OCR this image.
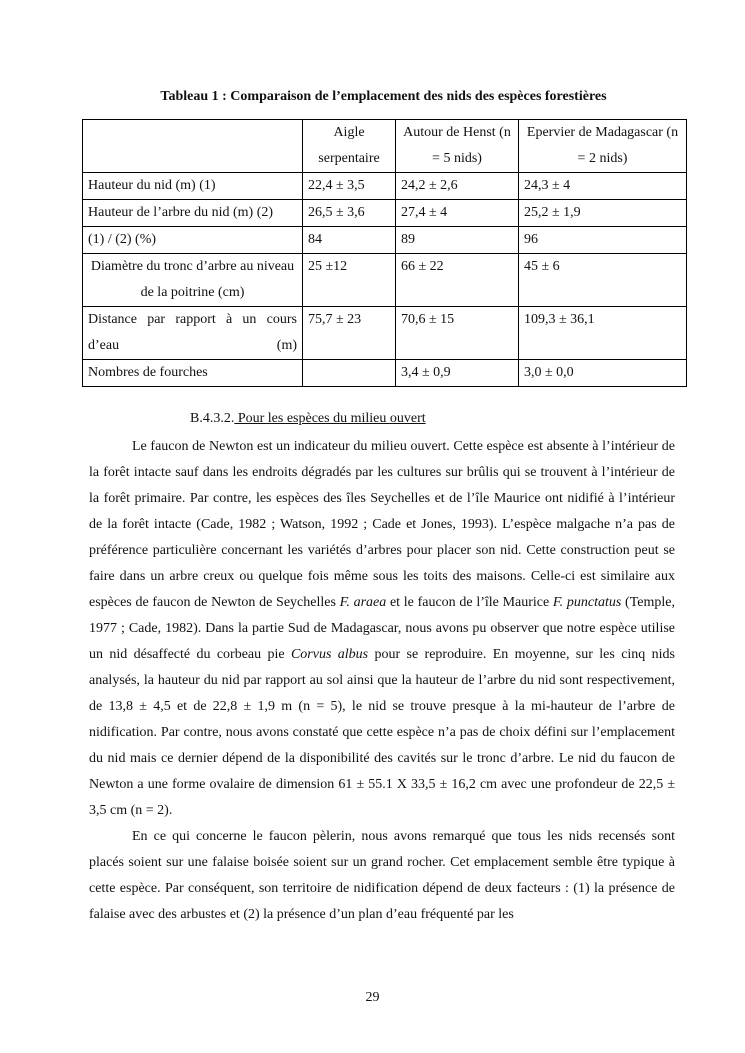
Tableau 1 : Comparaison de l’emplacement des nids des espèces forestières
	Aigle serpentaire	Autour de Henst (n = 5 nids)	Epervier de Madagascar (n = 2 nids)
Hauteur du nid (m) (1)	22,4 ± 3,5	24,2 ± 2,6	24,3 ± 4
Hauteur de l’arbre du nid (m) (2)	26,5 ± 3,6	27,4 ± 4	25,2 ± 1,9
(1) / (2) (%)	84	89	96
Diamètre du tronc d’arbre au niveau de la poitrine (cm)	25 ±12	66 ± 22	45 ± 6
Distance par rapport à un cours d’eau (m)	75,7 ± 23	70,6 ± 15	109,3 ± 36,1
Nombres de fourches		3,4 ± 0,9	3,0 ± 0,0
B.4.3.2. Pour les espèces du milieu ouvert

Le faucon de Newton est un indicateur du milieu ouvert. Cette espèce est absente à l’intérieur de la forêt intacte sauf dans les endroits dégradés par les cultures sur brûlis qui se trouvent à l’intérieur de la forêt primaire. Par contre, les espèces des îles Seychelles et de l’île Maurice ont nidifié à l’intérieur de la forêt intacte (Cade, 1982 ; Watson, 1992 ; Cade et Jones, 1993). L’espèce malgache n’a pas de préférence particulière concernant les variétés d’arbres pour placer son nid. Cette construction peut se faire dans un arbre creux ou quelque fois même sous les toits des maisons. Celle-ci est similaire aux espèces de faucon de Newton de Seychelles F. araea et le faucon de l’île Maurice F. punctatus (Temple, 1977 ; Cade, 1982). Dans la partie Sud de Madagascar, nous avons pu observer que notre espèce utilise un nid désaffecté du corbeau pie Corvus albus pour se reproduire. En moyenne, sur les cinq nids analysés, la hauteur du nid par rapport au sol ainsi que la hauteur de l’arbre du nid sont respectivement, de 13,8 ± 4,5 et de 22,8 ± 1,9 m (n = 5), le nid se trouve presque à la mi-hauteur de l’arbre de nidification. Par contre, nous avons constaté que cette espèce n’a pas de choix défini sur l’emplacement du nid mais ce dernier dépend de la disponibilité des cavités sur le tronc d’arbre. Le nid du faucon de Newton a une forme ovalaire de dimension 61 ± 55.1 X 33,5 ± 16,2 cm avec une profondeur de 22,5 ± 3,5 cm (n = 2).

En ce qui concerne le faucon pèlerin, nous avons remarqué que tous les nids recensés sont placés soient sur une falaise boisée soient sur un grand rocher. Cet emplacement semble être typique à cette espèce. Par conséquent, son territoire de nidification dépend de deux facteurs : (1) la présence de falaise avec des arbustes et (2) la présence d’un plan d’eau fréquenté par les

29
